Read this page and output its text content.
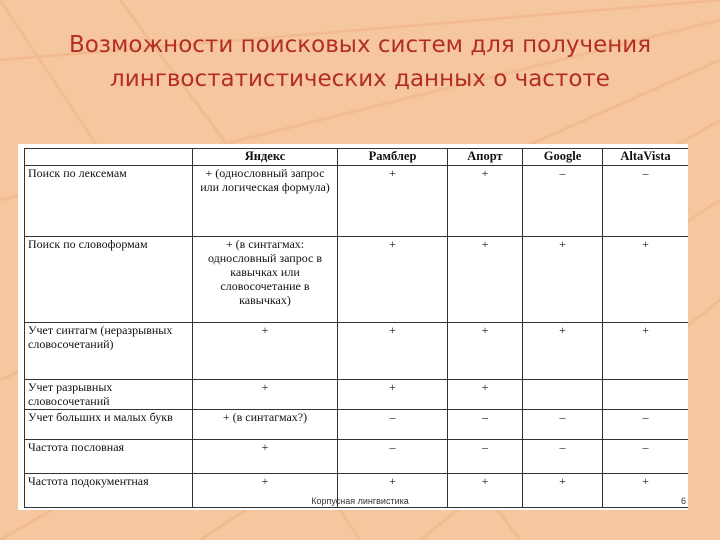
Возможности поисковых систем для получения
лингвостатистических данных о частоте
	Яндекс	Рамблер	Апорт	Google	AltaVista
Поиск по лексемам	+ (однословный запрос или логическая формула)	+	+	–	–
Поиск по словоформам	+ (в синтагмах: однословный запрос в кавычках или словосочетание в кавычках)	+	+	+	+
Учет синтагм (неразрывных словосочетаний)	+	+	+	+	+
Учет разрывных словосочетаний	+	+	+		
Учет больших и малых букв	+ (в синтагмах?)	–	–	–	–
Частота пословная	+	–	–	–	–
Частота подокументная	+	+	+	+	+
Корпусная лингвистика	6
